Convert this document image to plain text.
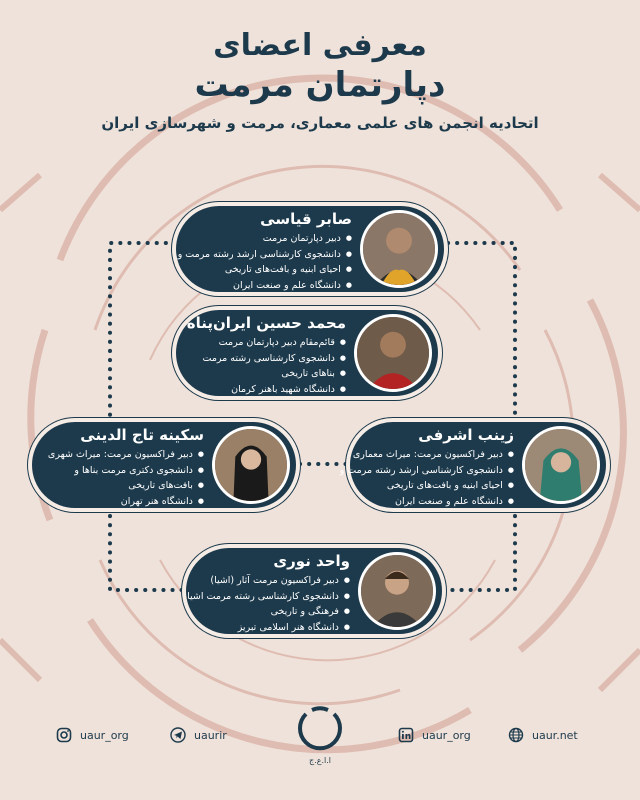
معرفی اعضای
دپارتمان مرمت
اتحادیه انجمن های علمی معماری، مرمت و شهرسازی ایران
صابر قیاسی
● دبیر دپارتمان مرمت
● دانشجوی کارشناسی ارشد رشته مرمت و
● احیای ابنیه و بافت‌های تاریخی
● دانشگاه علم و صنعت ایران
محمد حسین ایران‌پناه
● قائم‌مقام دبیر دپارتمان مرمت
● دانشجوی کارشناسی رشته مرمت
● بناهای تاریخی
● دانشگاه شهید باهنر کرمان
سکینه تاج الدینی
● دبیر فراکسیون مرمت: میراث شهری
● دانشجوی دکتری مرمت بناها و
● بافت‌های تاریخی
● دانشگاه هنر تهران
زینب اشرفی
● دبیر فراکسیون مرمت: میراث معماری
● دانشجوی کارشناسی ارشد رشته مرمت و
● احیای ابنیه و بافت‌های تاریخی
● دانشگاه علم و صنعت ایران
واحد نوری
● دبیر فراکسیون مرمت آثار (اشیا)
● دانشجوی کارشناسی رشته مرمت اشیا
● فرهنگی و تاریخی
● دانشگاه هنر اسلامی تبریز
uaur_org	uaurir
ا.ا.ع.ج
uaur_org	uaur.net
